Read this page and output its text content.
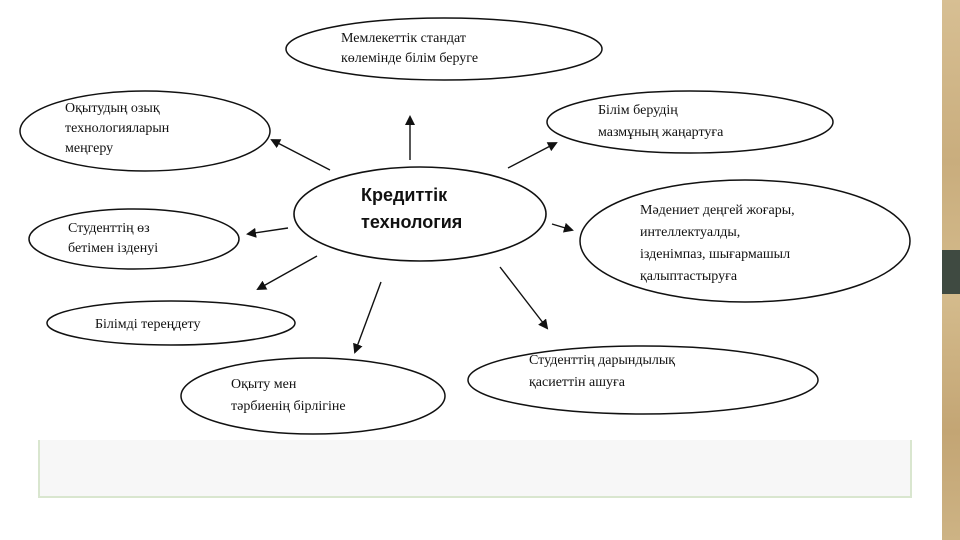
Кредиттік технология
Мемлекеттік стандат көлемінде білім беруге
Оқытудың озық технологияларын меңгеру
Білім берудің мазмұның жаңартуға
Студенттің өз бетімен ізденуі
Мәдениет деңгей жоғары, интеллектуалды, ізденімпаз, шығармашыл қалыптастыруға
Білімді тереңдету
Оқыту мен тәрбиенің бірлігіне
Студенттің дарындылық қасиеттін ашуға
